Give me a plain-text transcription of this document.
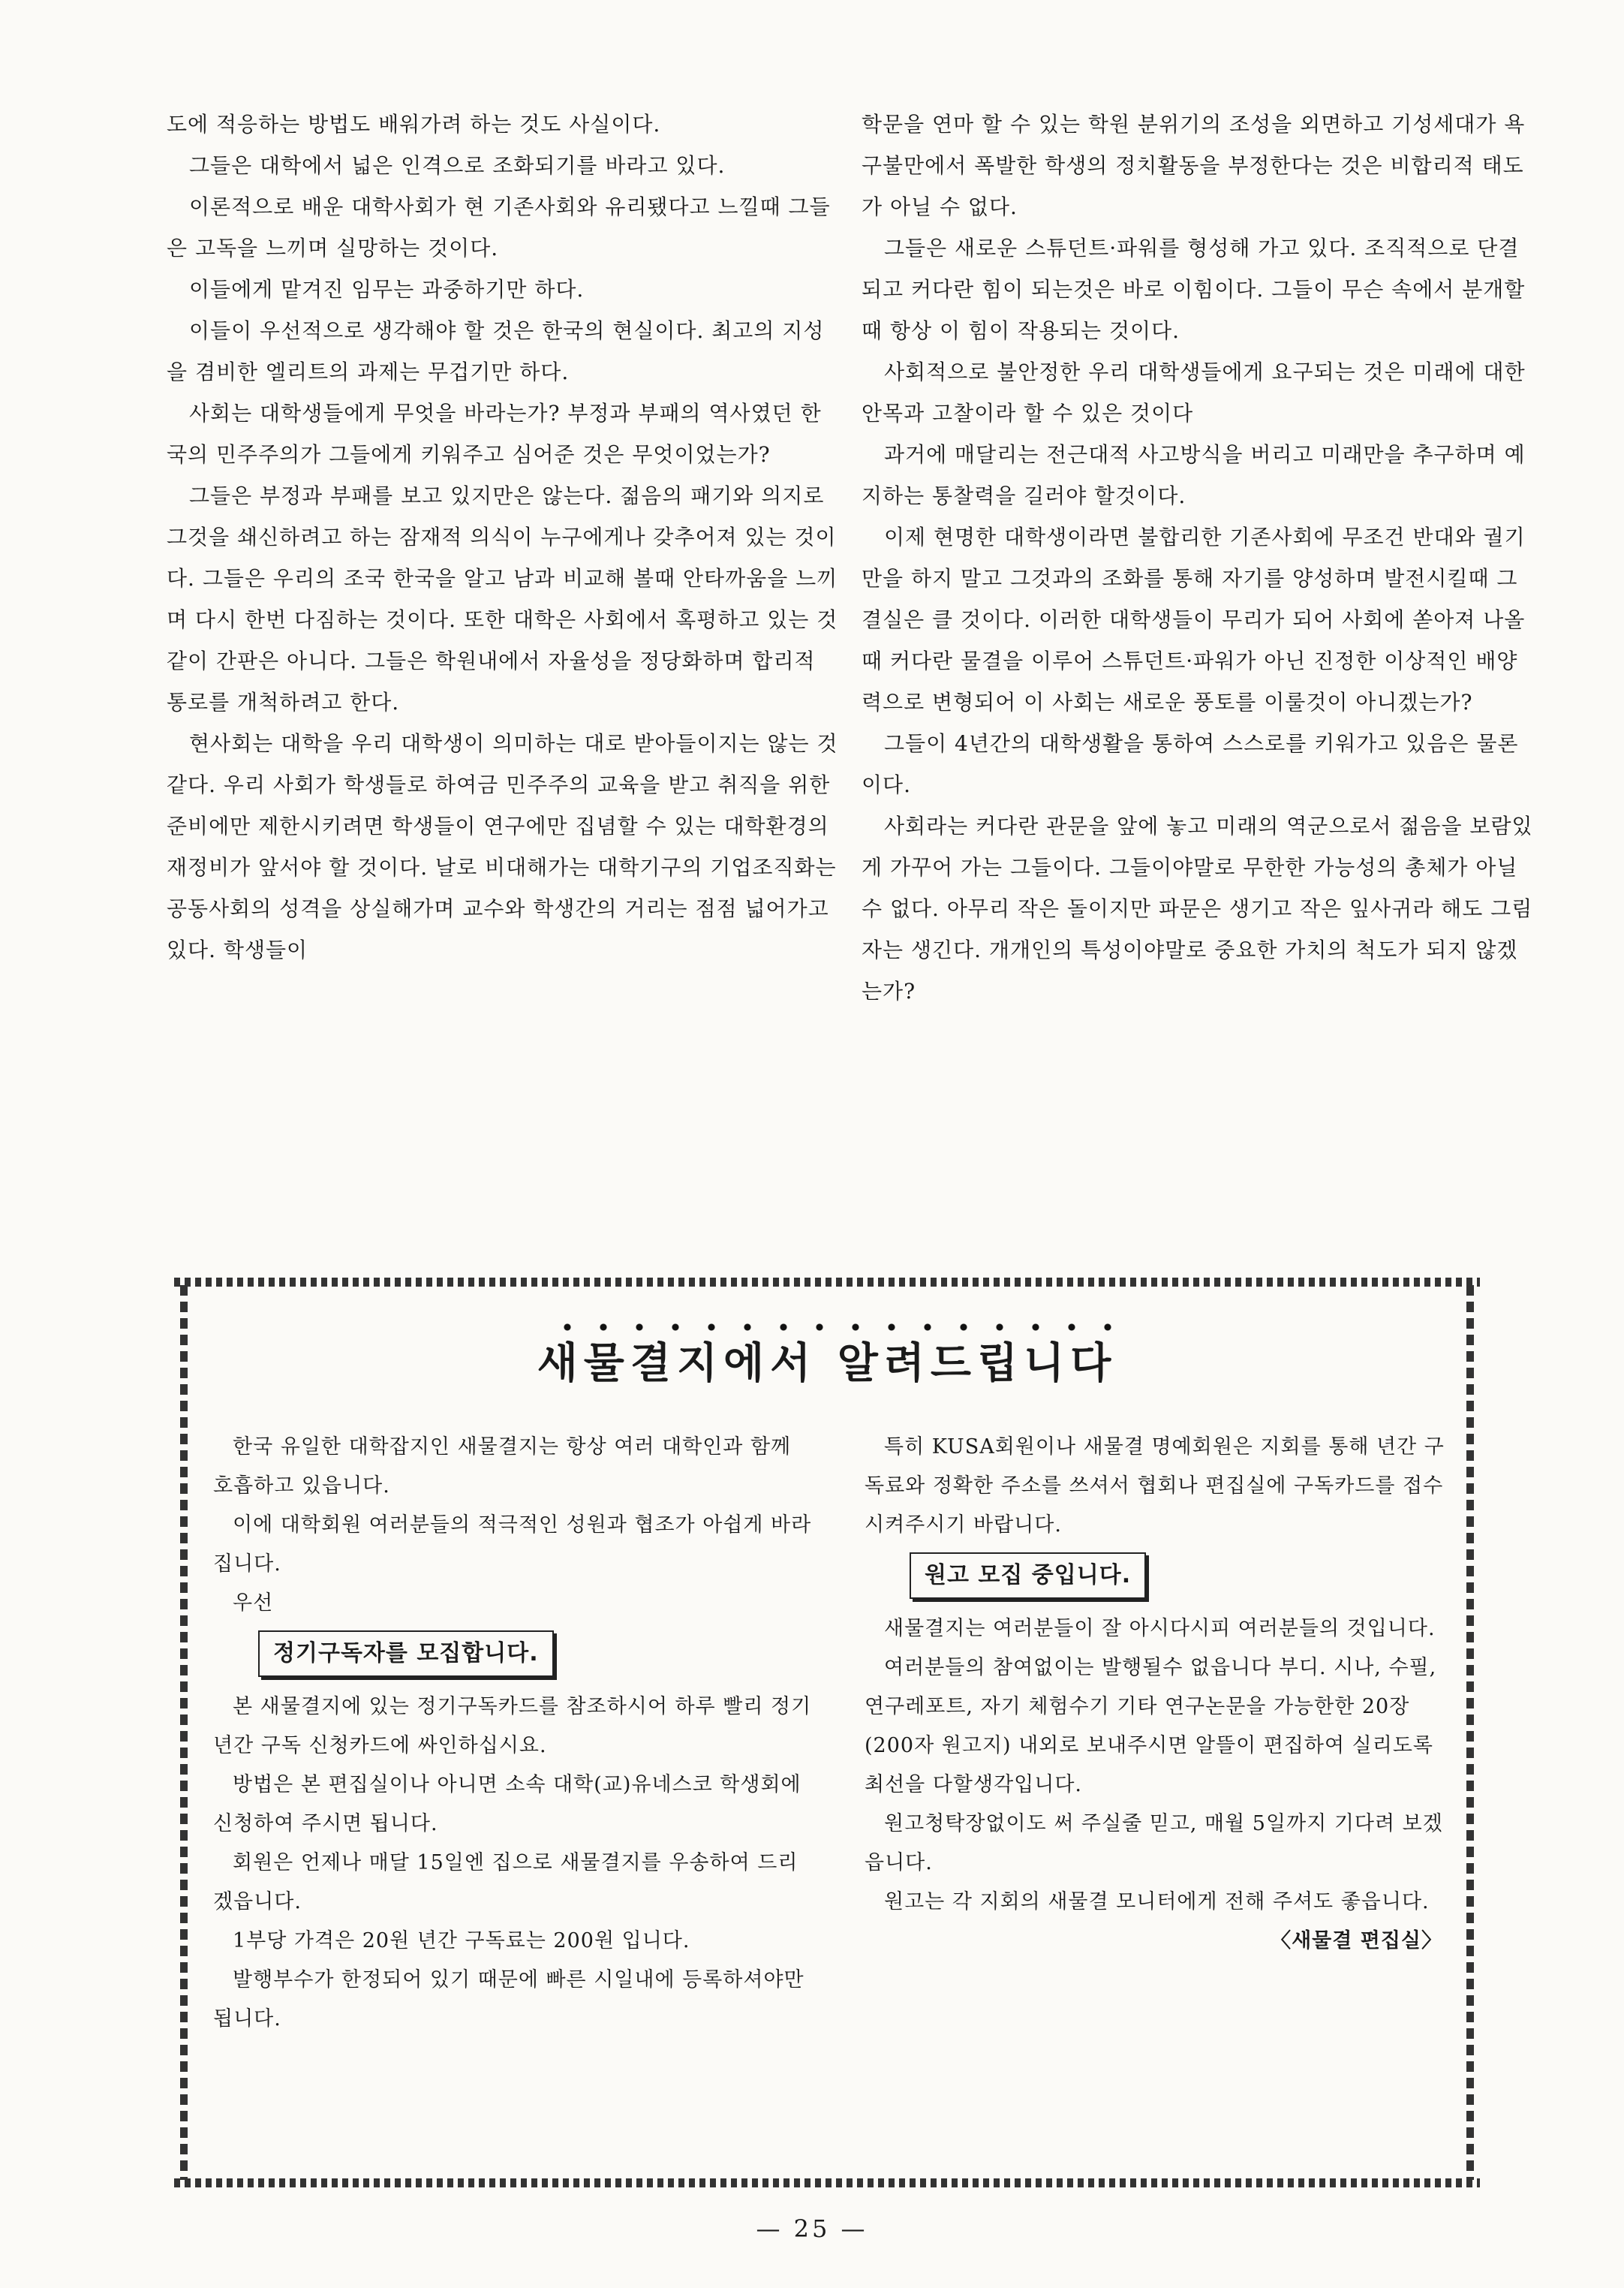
도에 적응하는 방법도 배워가려 하는 것도 사실이다.

그들은 대학에서 넓은 인격으로 조화되기를 바라고 있다.

이론적으로 배운 대학사회가 현 기존사회와 유리됐다고 느낄때 그들은 고독을 느끼며 실망하는 것이다.

이들에게 맡겨진 임무는 과중하기만 하다.

이들이 우선적으로 생각해야 할 것은 한국의 현실이다. 최고의 지성을 겸비한 엘리트의 과제는 무겁기만 하다.

사회는 대학생들에게 무엇을 바라는가? 부정과 부패의 역사였던 한국의 민주주의가 그들에게 키워주고 심어준 것은 무엇이었는가?

그들은 부정과 부패를 보고 있지만은 않는다. 젊음의 패기와 의지로 그것을 쇄신하려고 하는 잠재적 의식이 누구에게나 갖추어져 있는 것이다. 그들은 우리의 조국 한국을 알고 남과 비교해 볼때 안타까움을 느끼며 다시 한번 다짐하는 것이다. 또한 대학은 사회에서 혹평하고 있는 것 같이 간판은 아니다. 그들은 학원내에서 자율성을 정당화하며 합리적 통로를 개척하려고 한다.

현사회는 대학을 우리 대학생이 의미하는 대로 받아들이지는 않는 것같다. 우리 사회가 학생들로 하여금 민주주의 교육을 받고 취직을 위한 준비에만 제한시키려면 학생들이 연구에만 집념할 수 있는 대학환경의 재정비가 앞서야 할 것이다. 날로 비대해가는 대학기구의 기업조직화는 공동사회의 성격을 상실해가며 교수와 학생간의 거리는 점점 넓어가고 있다. 학생들이

학문을 연마 할 수 있는 학원 분위기의 조성을 외면하고 기성세대가 욕구불만에서 폭발한 학생의 정치활동을 부정한다는 것은 비합리적 태도가 아닐 수 없다.

그들은 새로운 스튜던트·파워를 형성해 가고 있다. 조직적으로 단결되고 커다란 힘이 되는것은 바로 이힘이다. 그들이 무슨 속에서 분개할 때 항상 이 힘이 작용되는 것이다.

사회적으로 불안정한 우리 대학생들에게 요구되는 것은 미래에 대한 안목과 고찰이라 할 수 있은 것이다

과거에 매달리는 전근대적 사고방식을 버리고 미래만을 추구하며 예지하는 통찰력을 길러야 할것이다.

이제 현명한 대학생이라면 불합리한 기존사회에 무조건 반대와 궐기만을 하지 말고 그것과의 조화를 통해 자기를 양성하며 발전시킬때 그 결실은 클 것이다. 이러한 대학생들이 무리가 되어 사회에 쏟아져 나올때 커다란 물결을 이루어 스튜던트·파워가 아닌 진정한 이상적인 배양력으로 변형되어 이 사회는 새로운 풍토를 이룰것이 아니겠는가?

그들이 4년간의 대학생활을 통하여 스스로를 키워가고 있음은 물론이다.

사회라는 커다란 관문을 앞에 놓고 미래의 역군으로서 젊음을 보람있게 가꾸어 가는 그들이다. 그들이야말로 무한한 가능성의 총체가 아닐 수 없다. 아무리 작은 돌이지만 파문은 생기고 작은 잎사귀라 해도 그림자는 생긴다. 개개인의 특성이야말로 중요한 가치의 척도가 되지 않겠는가?

새물결지에서 알려드립니다

한국 유일한 대학잡지인 새물결지는 항상 여러 대학인과 함께 호흡하고 있읍니다.

이에 대학회원 여러분들의 적극적인 성원과 협조가 아쉽게 바라집니다.

우선

정기구독자를 모집합니다.

본 새물결지에 있는 정기구독카드를 참조하시어 하루 빨리 정기 년간 구독 신청카드에 싸인하십시요.

방법은 본 편집실이나 아니면 소속 대학(교)유네스코 학생회에 신청하여 주시면 됩니다.

회원은 언제나 매달 15일엔 집으로 새물결지를 우송하여 드리겠읍니다.

1부당 가격은 20원 년간 구독료는 200원 입니다.

발행부수가 한정되어 있기 때문에 빠른 시일내에 등록하셔야만 됩니다.

특히 KUSA회원이나 새물결 명예회원은 지회를 통해 년간 구독료와 정확한 주소를 쓰셔서 협회나 편집실에 구독카드를 접수시켜주시기 바랍니다.

원고 모집 중입니다.

새물결지는 여러분들이 잘 아시다시피 여러분들의 것입니다.

여러분들의 참여없이는 발행될수 없읍니다 부디. 시나, 수필, 연구레포트, 자기 체험수기 기타 연구논문을 가능한한 20장(200자 원고지) 내외로 보내주시면 알뜰이 편집하여 실리도록 최선을 다할생각입니다.

원고청탁장없이도 써 주실줄 믿고, 매월 5일까지 기다려 보겠읍니다.

원고는 각 지회의 새물결 모니터에게 전해 주셔도 좋읍니다.
〈새물결 편집실〉

— 25 —
